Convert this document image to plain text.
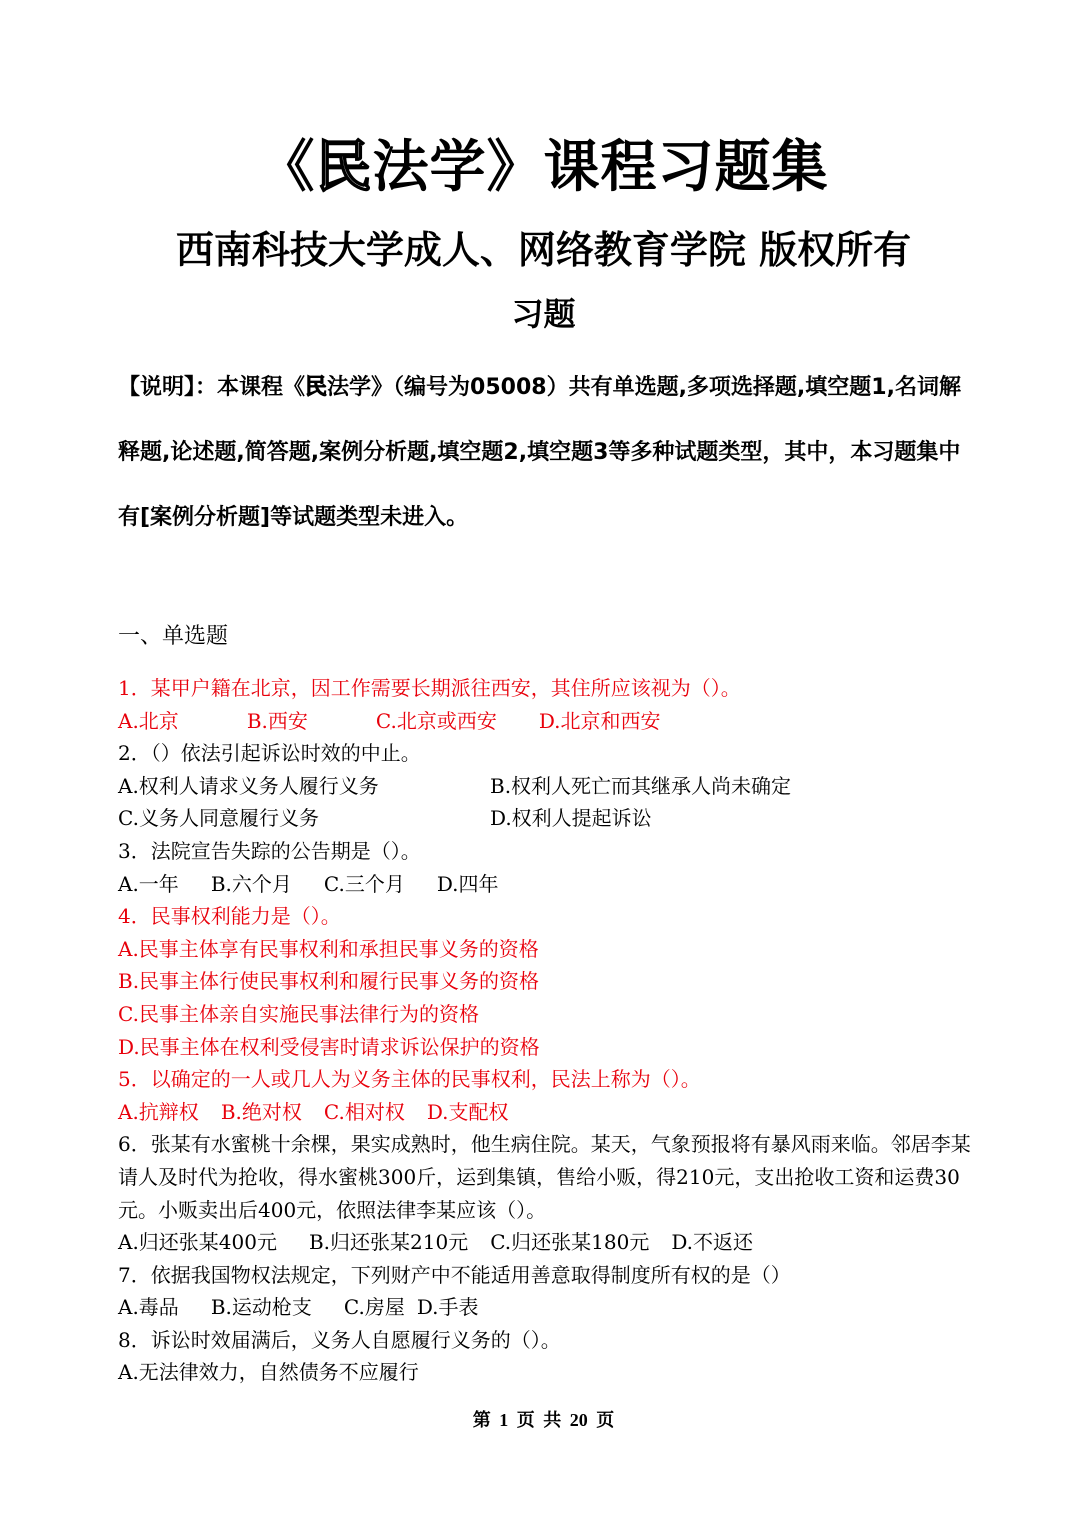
《民法学》课程习题集
西南科技大学成人、网络教育学院 版权所有
习题
【说明】：本课程《民法学》（编号为05008）共有单选题,多项选择题,填空题1,名词解释题,论述题,简答题,案例分析题,填空题2,填空题3等多种试题类型，其中，本习题集中有[案例分析题]等试题类型未进入。
一、单选题
1．某甲户籍在北京，因工作需要长期派往西安，其住所应该视为（）。
A.北京	B.西安	C.北京或西安 D.北京和西安
2．（）依法引起诉讼时效的中止。
A.权利人请求义务人履行义务	B.权利人死亡而其继承人尚未确定
C.义务人同意履行义务	D.权利人提起诉讼
3．法院宣告失踪的公告期是（）。
A.一年 B.六个月 C.三个月 D.四年
4．民事权利能力是（）。
A.民事主体享有民事权利和承担民事义务的资格
B.民事主体行使民事权利和履行民事义务的资格
C.民事主体亲自实施民事法律行为的资格
D.民事主体在权利受侵害时请求诉讼保护的资格
5．以确定的一人或几人为义务主体的民事权利，民法上称为（）。
A.抗辩权 B.绝对权 C.相对权 D.支配权
6．张某有水蜜桃十余棵，果实成熟时，他生病住院。某天，气象预报将有暴风雨来临。邻居李某请人及时代为抢收，得水蜜桃300斤，运到集镇，售给小贩，得210元，支出抢收工资和运费30元。小贩卖出后400元，依照法律李某应该（）。
A.归还张某400元 B.归还张某210元 C.归还张某180元 D.不返还
7．依据我国物权法规定，下列财产中不能适用善意取得制度所有权的是（）
A.毒品 B.运动枪支 C.房屋 D.手表
8．诉讼时效届满后，义务人自愿履行义务的（）。
A.无法律效力，自然债务不应履行
第 1 页 共 20 页
